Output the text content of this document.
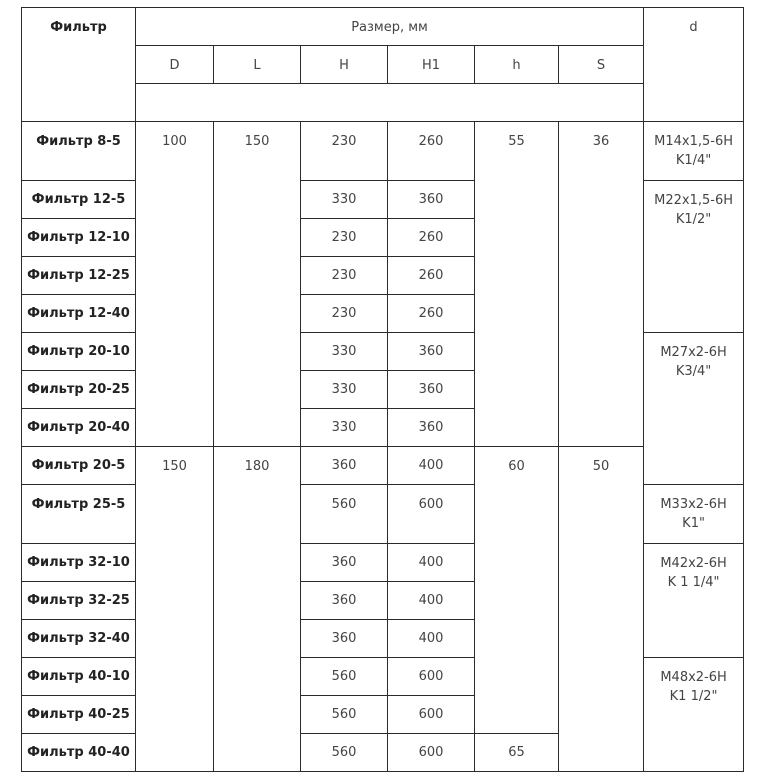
Фильтр	Размер, мм						d
	D	L	H	H1	h	S	

Фильтр 8-5	100	150	230	260	55	36	M14x1,5-6H
K1/4"
Фильтр 12-5			330	360			M22x1,5-6H
K1/2"
Фильтр 12-10			230	260			
Фильтр 12-25			230	260			
Фильтр 12-40			230	260			
Фильтр 20-10			330	360			M27x2-6H
K3/4"
Фильтр 20-25			330	360			
Фильтр 20-40			330	360			
Фильтр 20-5	150	180	360	400	60	50	
Фильтр 25-5			560	600			M33x2-6H
K1"
Фильтр 32-10			360	400			M42x2-6H
K 1 1/4"
Фильтр 32-25			360	400			
Фильтр 32-40			360	400			
Фильтр 40-10			560	600			M48x2-6H
K1 1/2"
Фильтр 40-25			560	600			
Фильтр 40-40			560	600	65		
